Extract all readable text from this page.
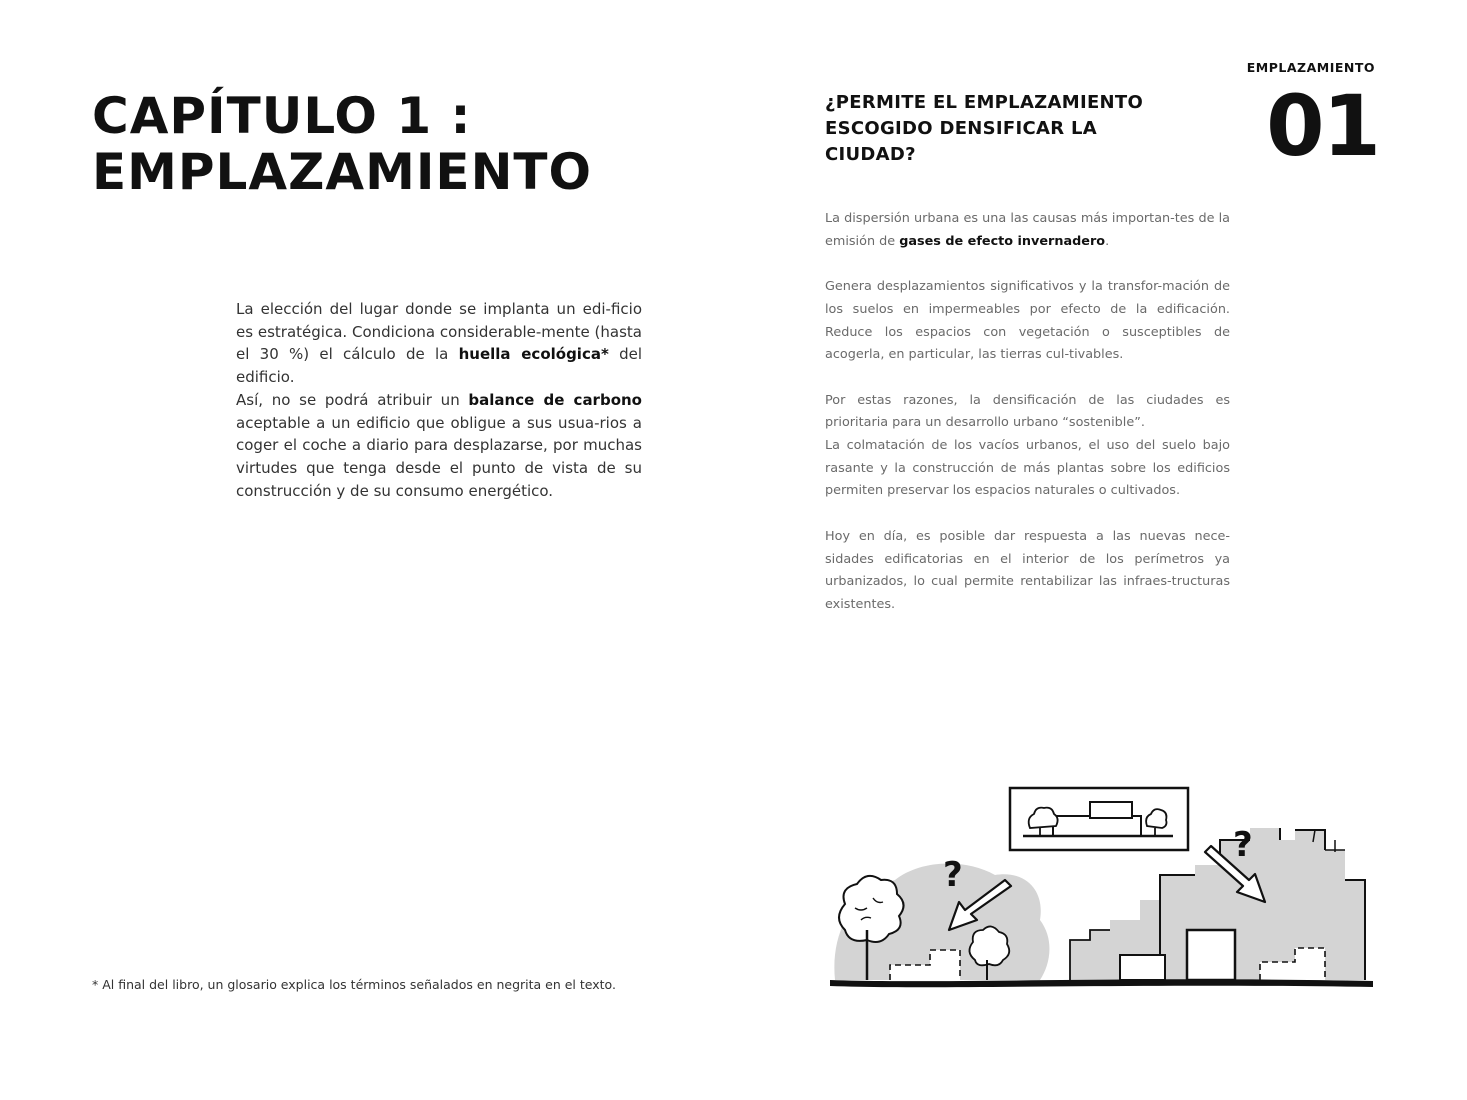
CAPÍTULO 1 :
EMPLAZAMIENTO

La elección del lugar donde se implanta un edi-ficio es estratégica. Condiciona considerable-mente (hasta el 30 %) el cálculo de la huella ecológica* del edificio.
Así, no se podrá atribuir un balance de carbono aceptable a un edificio que obligue a sus usua-rios a coger el coche a diario para desplazarse, por muchas virtudes que tenga desde el punto de vista de su construcción y de su consumo energético.

* Al final del libro, un glosario explica los términos señalados en negrita en el texto.

EMPLAZAMIENTO
01
¿PERMITE EL EMPLAZAMIENTO
ESCOGIDO DENSIFICAR LA
CIUDAD?

La dispersión urbana es una las causas más importan-tes de la emisión de gases de efecto invernadero.

Genera desplazamientos significativos y la transfor-mación de los suelos en impermeables por efecto de la edificación. Reduce los espacios con vegetación o susceptibles de acogerla, en particular, las tierras cul-tivables.

Por estas razones, la densificación de las ciudades es prioritaria para un desarrollo urbano “sostenible”.

La colmatación de los vacíos urbanos, el uso del suelo bajo rasante y la construcción de más plantas sobre los edificios permiten preservar los espacios naturales o cultivados.

Hoy en día, es posible dar respuesta a las nuevas nece-sidades edificatorias en el interior de los perímetros ya urbanizados, lo cual permite rentabilizar las infraes-tructuras existentes.

?
?
